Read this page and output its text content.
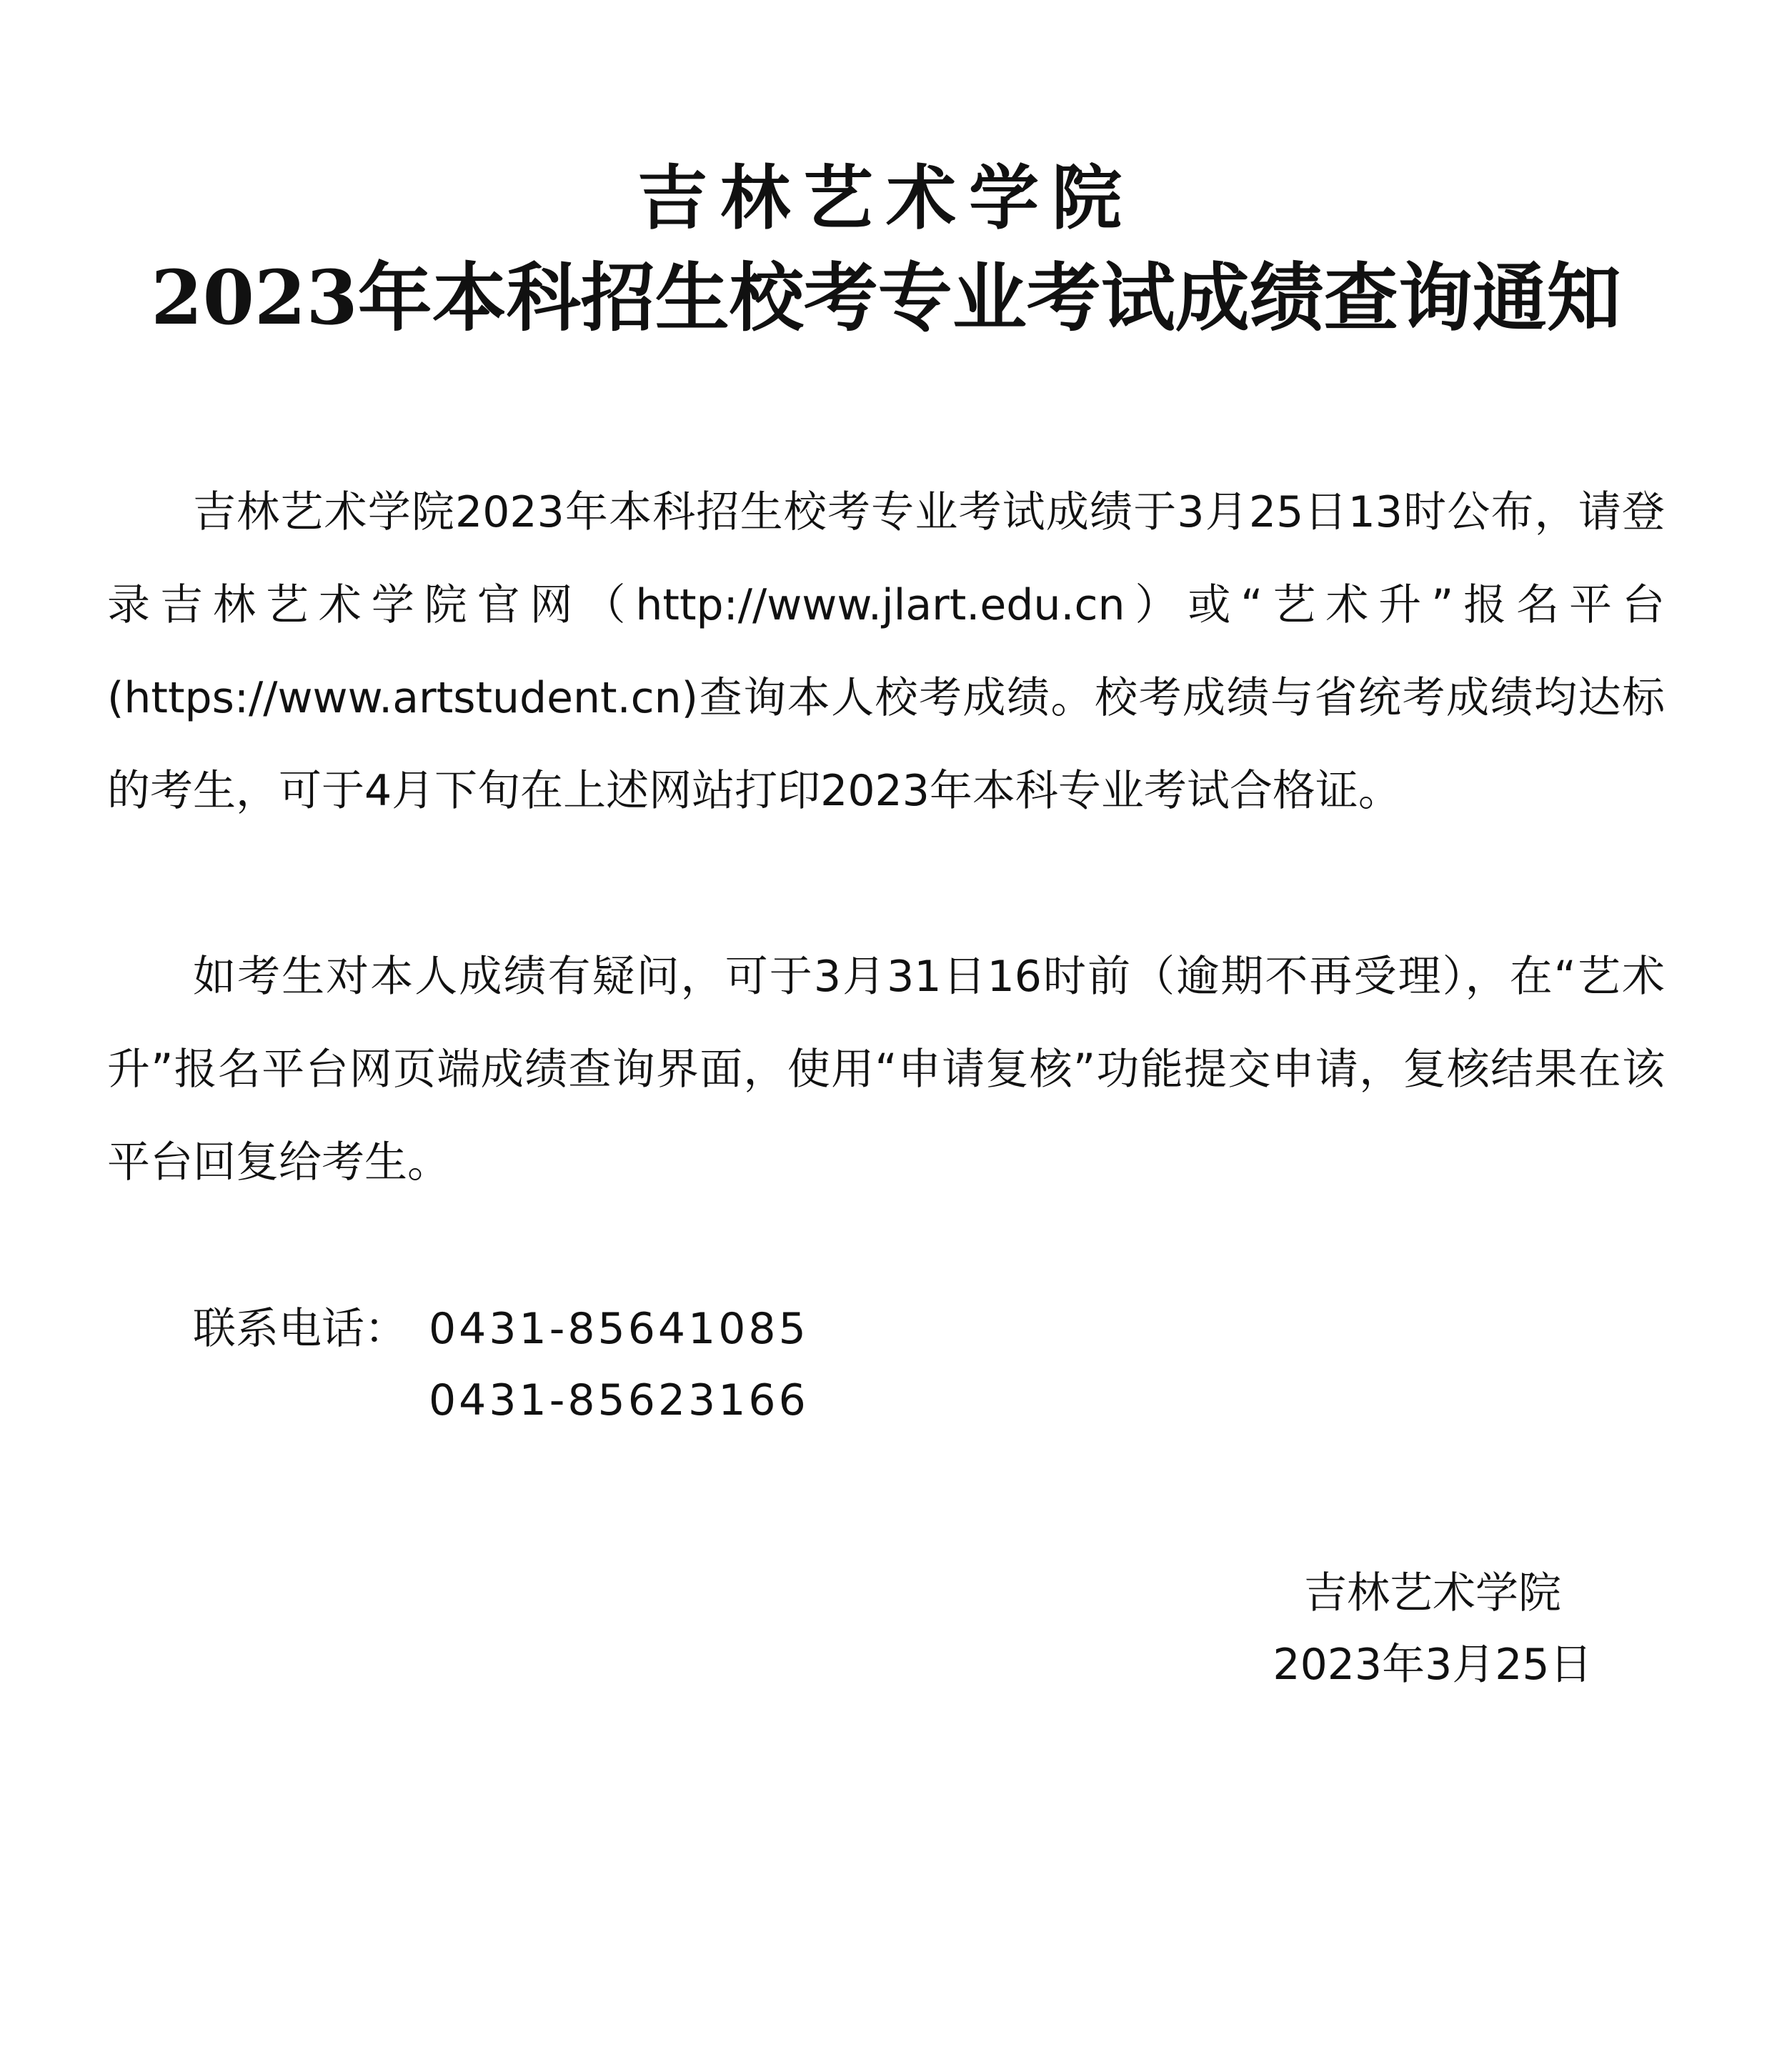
吉林艺术学院
2023年本科招生校考专业考试成绩查询通知

吉林艺术学院2023年本科招生校考专业考试成绩于3月25日13时公布，请登录吉林艺术学院官网（http://www.jlart.edu.cn）或“艺术升”报名平台(https://www.artstudent.cn)查询本人校考成绩。校考成绩与省统考成绩均达标的考生，可于4月下旬在上述网站打印2023年本科专业考试合格证。

如考生对本人成绩有疑问，可于3月31日16时前（逾期不再受理），在“艺术升”报名平台网页端成绩查询界面，使用“申请复核”功能提交申请，复核结果在该平台回复给考生。

联系电话： 0431-85641085
0431-85623166
吉林艺术学院
2023年3月25日
